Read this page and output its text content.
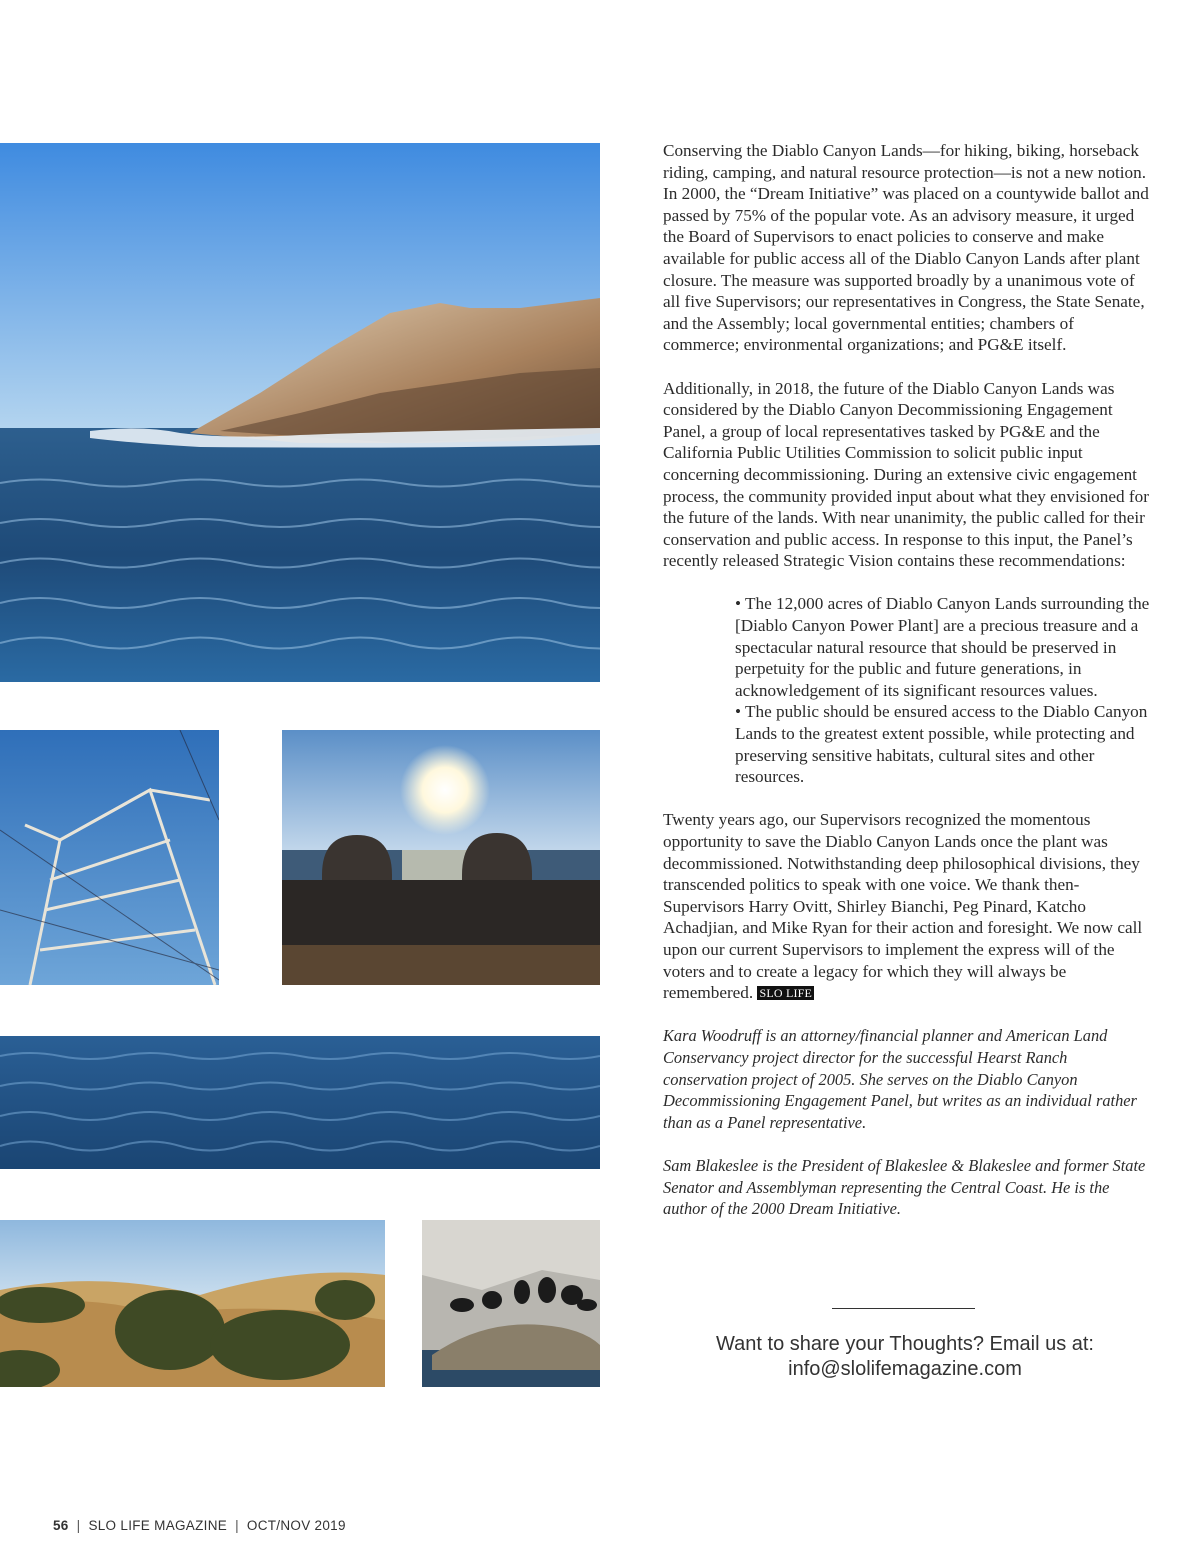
Conserving the Diablo Canyon Lands—for hiking, biking, horseback riding, camping, and natural resource protection—is not a new notion. In 2000, the “Dream Initiative” was placed on a countywide ballot and passed by 75% of the popular vote. As an advisory measure, it urged the Board of Supervisors to enact policies to conserve and make available for public access all of the Diablo Canyon Lands after plant closure. The measure was supported broadly by a unanimous vote of all five Supervisors; our representatives in Congress, the State Senate, and the Assembly; local governmental entities; chambers of commerce; environmental organizations; and PG&E itself.

Additionally, in 2018, the future of the Diablo Canyon Lands was considered by the Diablo Canyon Decommissioning Engagement Panel, a group of local representatives tasked by PG&E and the California Public Utilities Commission to solicit public input concerning decommissioning. During an extensive civic engagement process, the community provided input about what they envisioned for the future of the lands. With near unanimity, the public called for their conservation and public access. In response to this input, the Panel’s recently released Strategic Vision contains these recommendations:

• The 12,000 acres of Diablo Canyon Lands surrounding the [Diablo Canyon Power Plant] are a precious treasure and a spectacular natural resource that should be preserved in perpetuity for the public and future generations, in acknowledgement of its significant resources values.

• The public should be ensured access to the Diablo Canyon Lands to the greatest extent possible, while protecting and preserving sensitive habitats, cultural sites and other resources.

Twenty years ago, our Supervisors recognized the momentous opportunity to save the Diablo Canyon Lands once the plant was decommissioned. Notwithstanding deep philosophical divisions, they transcended politics to speak with one voice. We thank then-Supervisors Harry Ovitt, Shirley Bianchi, Peg Pinard, Katcho Achadjian, and Mike Ryan for their action and foresight. We now call upon our current Supervisors to implement the express will of the voters and to create a legacy for which they will always be remembered. SLO LIFE

Kara Woodruff is an attorney/financial planner and American Land Conservancy project director for the successful Hearst Ranch conservation project of 2005. She serves on the Diablo Canyon Decommissioning Engagement Panel, but writes as an individual rather than as a Panel representative.

Sam Blakeslee is the President of Blakeslee & Blakeslee and former State Senator and Assemblyman representing the Central Coast. He is the author of the 2000 Dream Initiative.

Want to share your Thoughts? Email us at:
info@slolifemagazine.com
56 | SLO LIFE MAGAZINE | OCT/NOV 2019
